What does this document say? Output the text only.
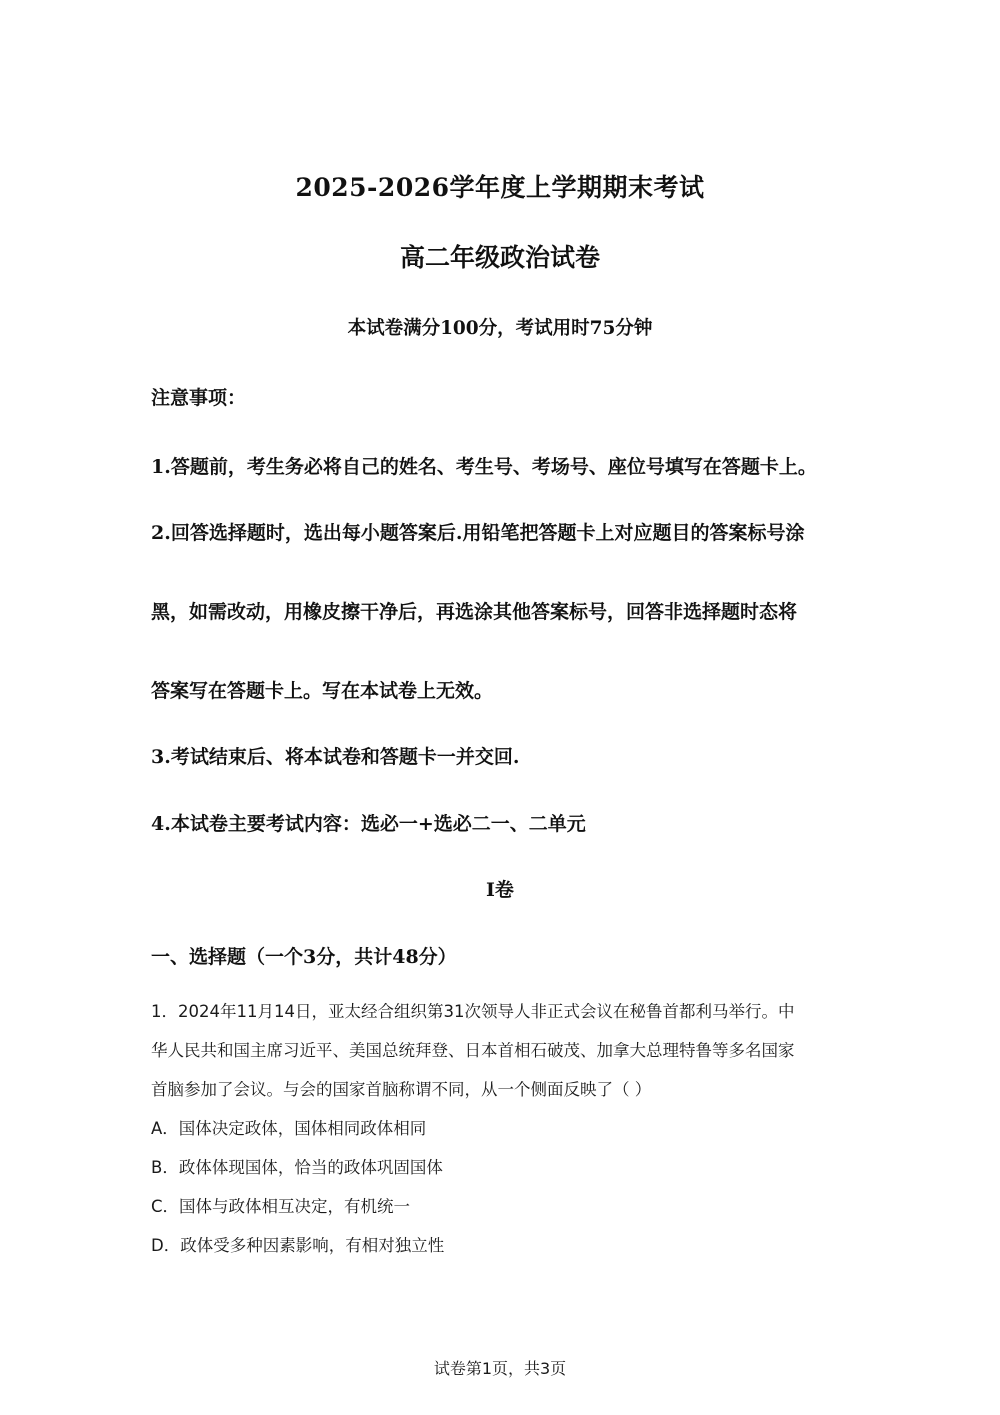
2025-2026学年度上学期期末考试
高二年级政治试卷
本试卷满分100分，考试用时75分钟
注意事项：
1.答题前，考生务必将自己的姓名、考生号、考场号、座位号填写在答题卡上。
2.回答选择题时，选出每小题答案后.用铅笔把答题卡上对应题目的答案标号涂
黑，如需改动，用橡皮擦干净后，再选涂其他答案标号，回答非选择题时态将
答案写在答题卡上。写在本试卷上无效。
3.考试结束后、将本试卷和答题卡一并交回.
4.本试卷主要考试内容：选必一+选必二一、二单元
I卷
一、选择题（一个3分，共计48分）
1．2024年11月14日，亚太经合组织第31次领导人非正式会议在秘鲁首都利马举行。中
华人民共和国主席习近平、美国总统拜登、日本首相石破茂、加拿大总理特鲁等多名国家
首脑参加了会议。与会的国家首脑称谓不同，从一个侧面反映了（ ）
A．国体决定政体，国体相同政体相同
B．政体体现国体，恰当的政体巩固国体
C．国体与政体相互决定，有机统一
D．政体受多种因素影响，有相对独立性
试卷第1页，共3页
